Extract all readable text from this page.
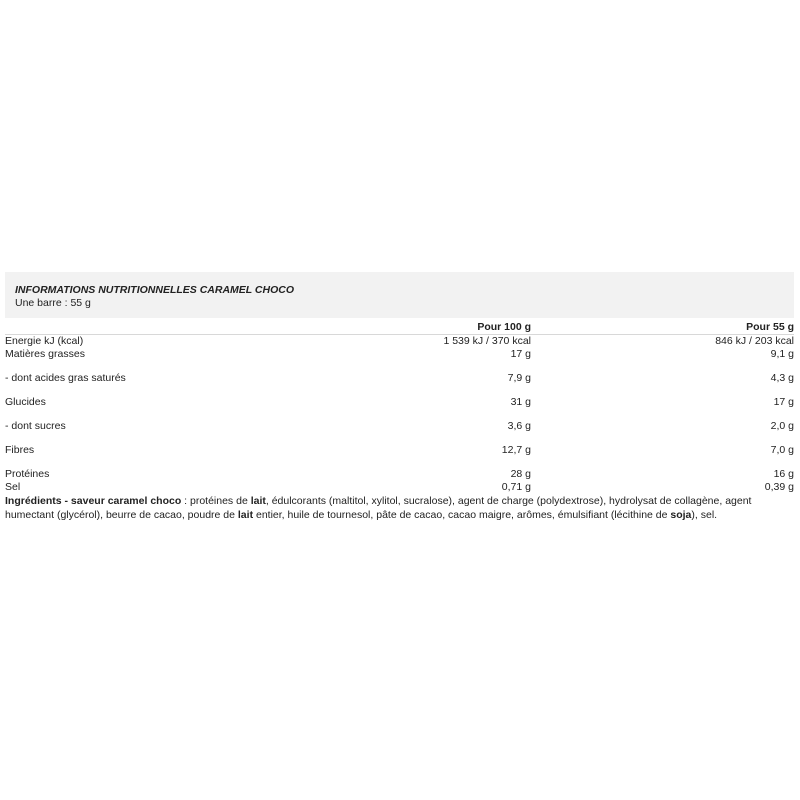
INFORMATIONS NUTRITIONNELLES CARAMEL CHOCO
Une barre : 55 g
	Pour 100 g	Pour 55 g
Energie kJ (kcal)	1 539 kJ / 370 kcal	846 kJ / 203 kcal
Matières grasses	17 g	9,1 g
- dont acides gras saturés	7,9 g	4,3 g
Glucides	31 g	17 g
- dont sucres	3,6 g	2,0 g
Fibres	12,7 g	7,0 g
Protéines	28 g	16 g
Sel	0,71 g	0,39 g
Ingrédients - saveur caramel choco : protéines de lait, édulcorants (maltitol, xylitol, sucralose), agent de charge (polydextrose), hydrolysat de collagène, agent humectant (glycérol), beurre de cacao, poudre de lait entier, huile de tournesol, pâte de cacao, cacao maigre, arômes, émulsifiant (lécithine de soja), sel.
